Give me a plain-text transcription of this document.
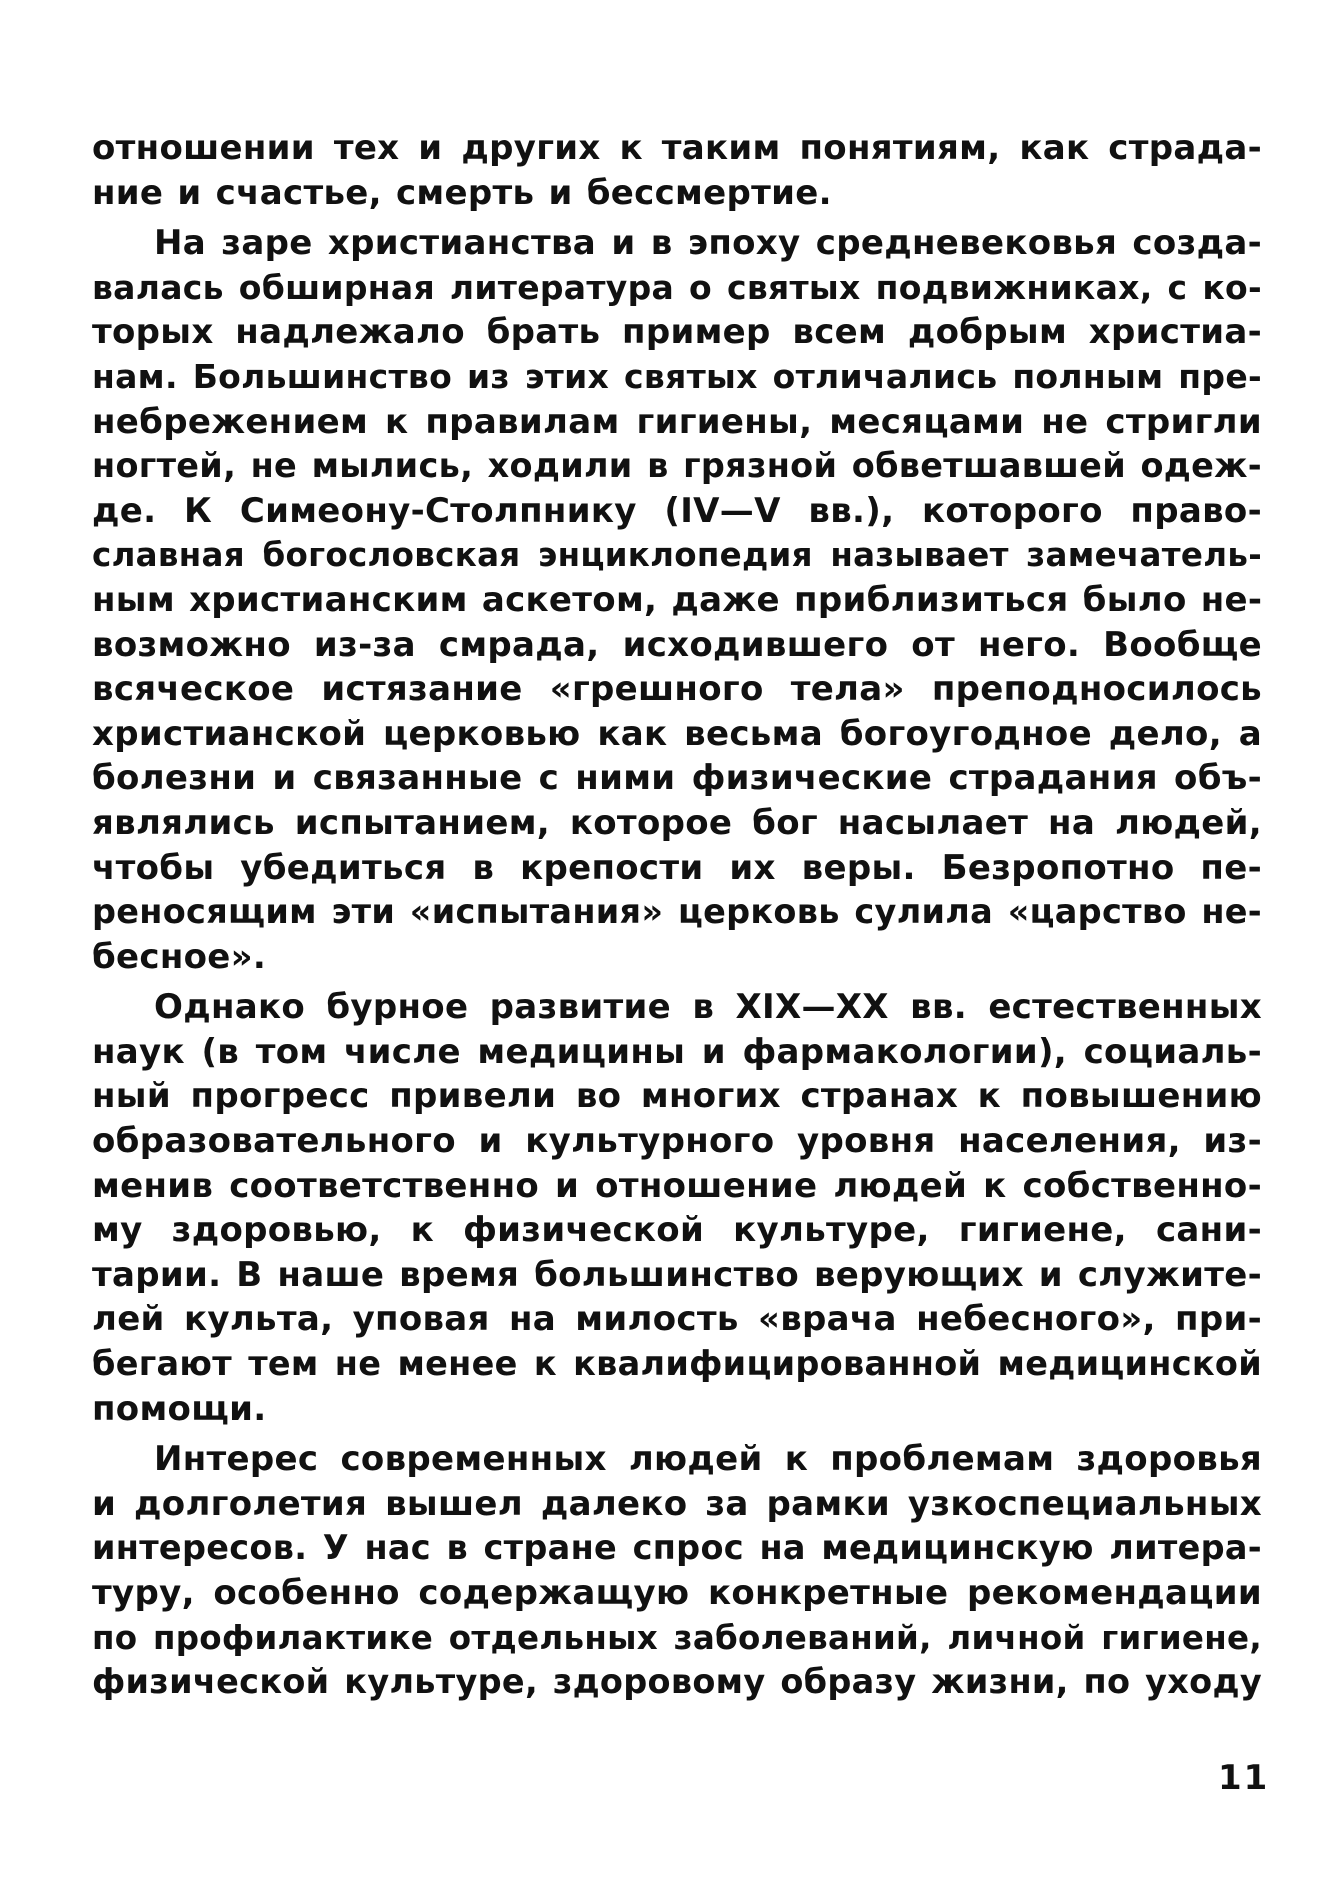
отношении тех и других к таким понятиям, как страда-
ние и счастье, смерть и бессмертие.
На заре христианства и в эпоху средневековья созда-
валась обширная литература о святых подвижниках, с ко-
торых надлежало брать пример всем добрым христиа-
нам. Большинство из этих святых отличались полным пре-
небрежением к правилам гигиены, месяцами не стригли
ногтей, не мылись, ходили в грязной обветшавшей одеж-
де. К Симеону-Столпнику (IV—V вв.), которого право-
славная богословская энциклопедия называет замечатель-
ным христианским аскетом, даже приблизиться было не-
возможно из-за смрада, исходившего от него. Вообще
всяческое истязание «грешного тела» преподносилось
христианской церковью как весьма богоугодное дело, а
болезни и связанные с ними физические страдания объ-
являлись испытанием, которое бог насылает на людей,
чтобы убедиться в крепости их веры. Безропотно пе-
реносящим эти «испытания» церковь сулила «царство не-
бесное».
Однако бурное развитие в XIX—XX вв. естественных
наук (в том числе медицины и фармакологии), социаль-
ный прогресс привели во многих странах к повышению
образовательного и культурного уровня населения, из-
менив соответственно и отношение людей к собственно-
му здоровью, к физической культуре, гигиене, сани-
тарии. В наше время большинство верующих и служите-
лей культа, уповая на милость «врача небесного», при-
бегают тем не менее к квалифицированной медицинской
помощи.
Интерес современных людей к проблемам здоровья
и долголетия вышел далеко за рамки узкоспециальных
интересов. У нас в стране спрос на медицинскую литера-
туру, особенно содержащую конкретные рекомендации
по профилактике отдельных заболеваний, личной гигиене,
физической культуре, здоровому образу жизни, по уходу
11
